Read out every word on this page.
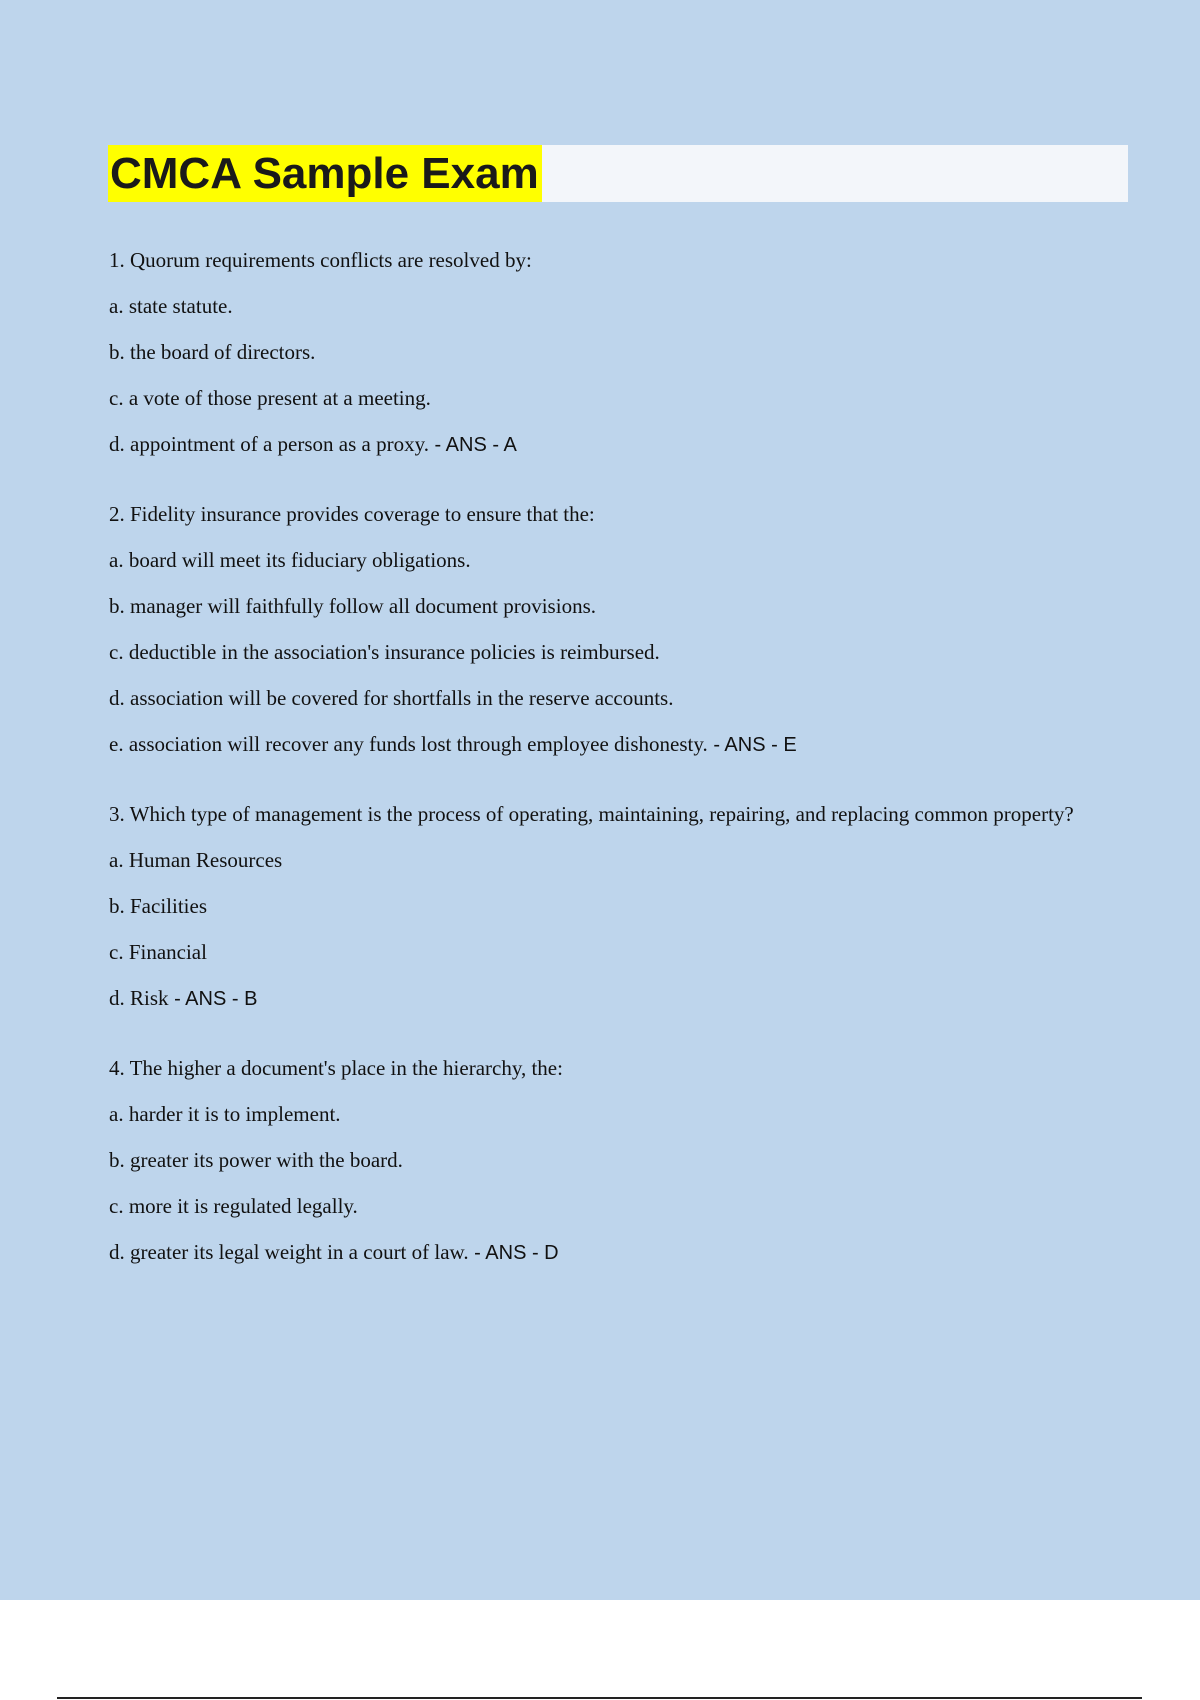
CMCA Sample Exam
1. Quorum requirements conflicts are resolved by:
a. state statute.
b. the board of directors.
c. a vote of those present at a meeting.
d. appointment of a person as a proxy. - ANS - A
2. Fidelity insurance provides coverage to ensure that the:
a. board will meet its fiduciary obligations.
b. manager will faithfully follow all document provisions.
c. deductible in the association's insurance policies is reimbursed.
d. association will be covered for shortfalls in the reserve accounts.
e. association will recover any funds lost through employee dishonesty. - ANS - E
3. Which type of management is the process of operating, maintaining, repairing, and replacing common property?
a. Human Resources
b. Facilities
c. Financial
d. Risk - ANS - B
4. The higher a document's place in the hierarchy, the:
a. harder it is to implement.
b. greater its power with the board.
c. more it is regulated legally.
d. greater its legal weight in a court of law. - ANS - D
